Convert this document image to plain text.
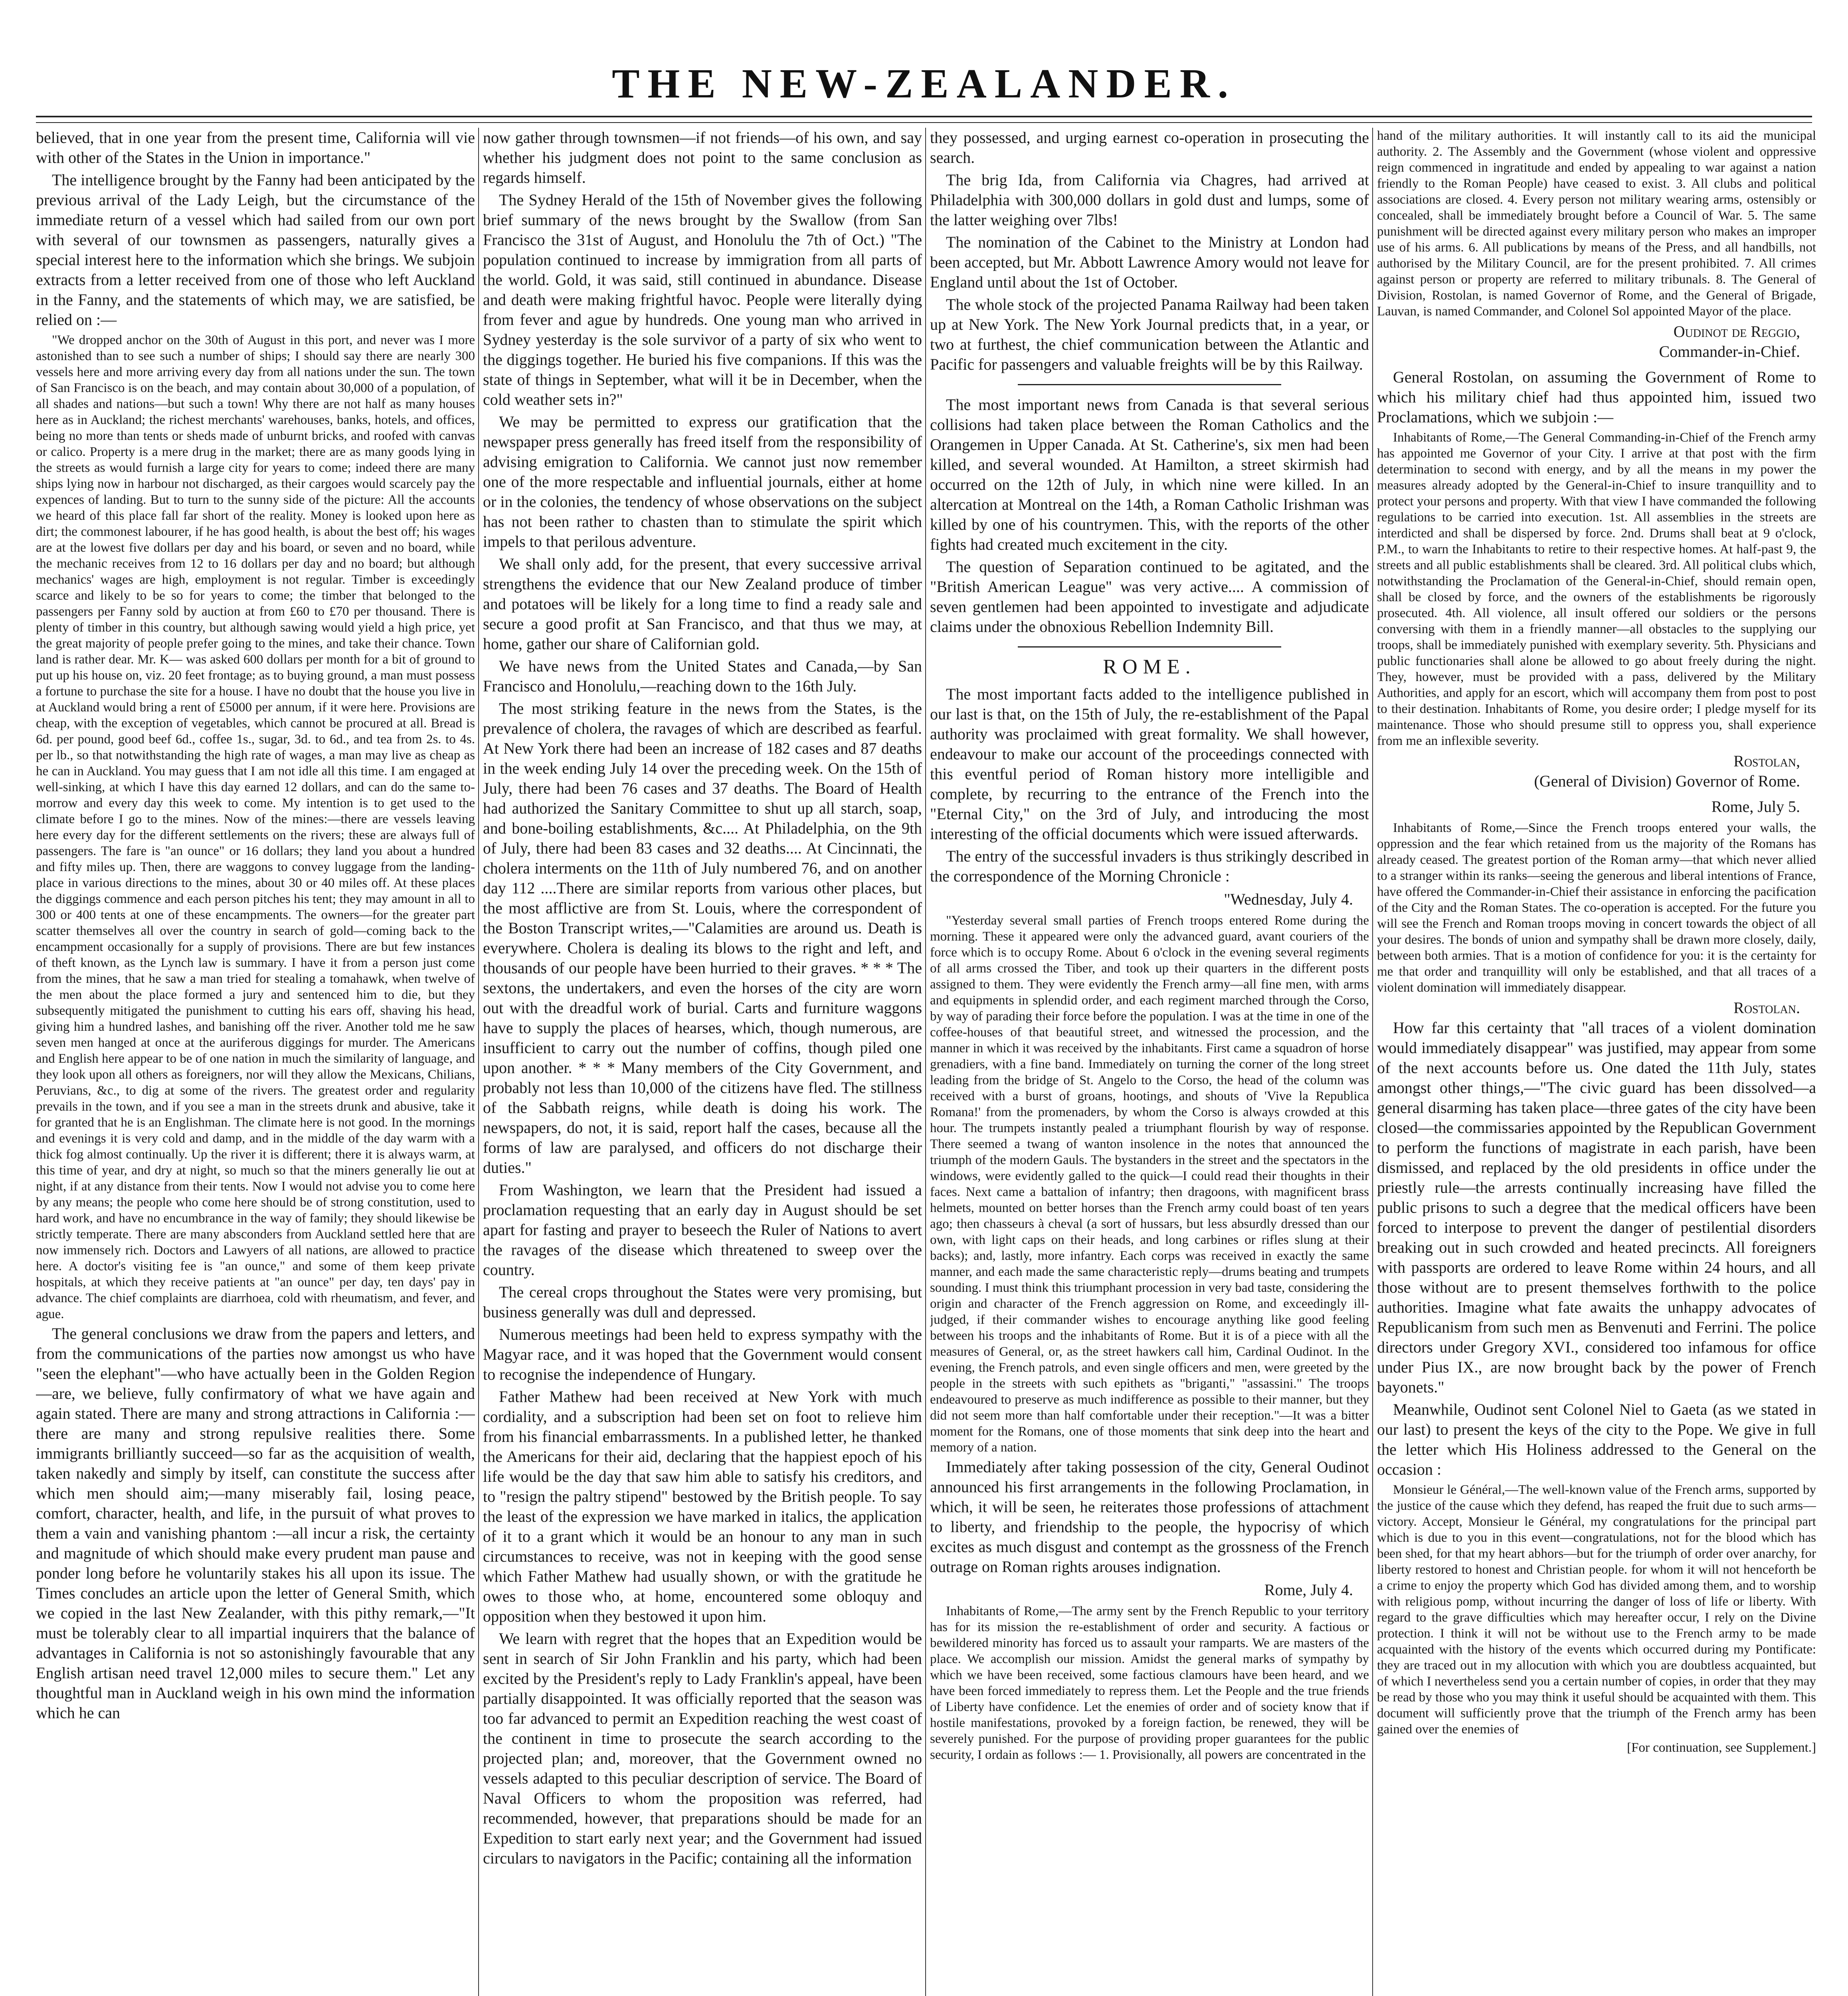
THE NEW-ZEALANDER.

believed, that in one year from the present time, California will vie with other of the States in the Union in importance."

The intelligence brought by the Fanny had been anticipated by the previous arrival of the Lady Leigh, but the circumstance of the immediate return of a vessel which had sailed from our own port with several of our townsmen as passengers, naturally gives a special interest here to the information which she brings. We subjoin extracts from a letter received from one of those who left Auckland in the Fanny, and the statements of which may, we are satisfied, be relied on :—

"We dropped anchor on the 30th of August in this port, and never was I more astonished than to see such a number of ships; I should say there are nearly 300 vessels here and more arriving every day from all nations under the sun. The town of San Francisco is on the beach, and may contain about 30,000 of a population, of all shades and nations—but such a town! Why there are not half as many houses here as in Auckland; the richest merchants' warehouses, banks, hotels, and offices, being no more than tents or sheds made of unburnt bricks, and roofed with canvas or calico. Property is a mere drug in the market; there are as many goods lying in the streets as would furnish a large city for years to come; indeed there are many ships lying now in harbour not discharged, as their cargoes would scarcely pay the expences of landing. But to turn to the sunny side of the picture: All the accounts we heard of this place fall far short of the reality. Money is looked upon here as dirt; the commonest labourer, if he has good health, is about the best off; his wages are at the lowest five dollars per day and his board, or seven and no board, while the mechanic receives from 12 to 16 dollars per day and no board; but although mechanics' wages are high, employment is not regular. Timber is exceedingly scarce and likely to be so for years to come; the timber that belonged to the passengers per Fanny sold by auction at from £60 to £70 per thousand. There is plenty of timber in this country, but although sawing would yield a high price, yet the great majority of people prefer going to the mines, and take their chance. Town land is rather dear. Mr. K— was asked 600 dollars per month for a bit of ground to put up his house on, viz. 20 feet frontage; as to buying ground, a man must possess a fortune to purchase the site for a house. I have no doubt that the house you live in at Auckland would bring a rent of £5000 per annum, if it were here. Provisions are cheap, with the exception of vegetables, which cannot be procured at all. Bread is 6d. per pound, good beef 6d., coffee 1s., sugar, 3d. to 6d., and tea from 2s. to 4s. per lb., so that notwithstanding the high rate of wages, a man may live as cheap as he can in Auckland. You may guess that I am not idle all this time. I am engaged at well-sinking, at which I have this day earned 12 dollars, and can do the same to-morrow and every day this week to come. My intention is to get used to the climate before I go to the mines. Now of the mines:—there are vessels leaving here every day for the different settlements on the rivers; these are always full of passengers. The fare is "an ounce" or 16 dollars; they land you about a hundred and fifty miles up. Then, there are waggons to convey luggage from the landing-place in various directions to the mines, about 30 or 40 miles off. At these places the diggings commence and each person pitches his tent; they may amount in all to 300 or 400 tents at one of these encampments. The owners—for the greater part scatter themselves all over the country in search of gold—coming back to the encampment occasionally for a supply of provisions. There are but few instances of theft known, as the Lynch law is summary. I have it from a person just come from the mines, that he saw a man tried for stealing a tomahawk, when twelve of the men about the place formed a jury and sentenced him to die, but they subsequently mitigated the punishment to cutting his ears off, shaving his head, giving him a hundred lashes, and banishing off the river. Another told me he saw seven men hanged at once at the auriferous diggings for murder. The Americans and English here appear to be of one nation in much the similarity of language, and they look upon all others as foreigners, nor will they allow the Mexicans, Chilians, Peruvians, &c., to dig at some of the rivers. The greatest order and regularity prevails in the town, and if you see a man in the streets drunk and abusive, take it for granted that he is an Englishman. The climate here is not good. In the mornings and evenings it is very cold and damp, and in the middle of the day warm with a thick fog almost continually. Up the river it is different; there it is always warm, at this time of year, and dry at night, so much so that the miners generally lie out at night, if at any distance from their tents. Now I would not advise you to come here by any means; the people who come here should be of strong constitution, used to hard work, and have no encumbrance in the way of family; they should likewise be strictly temperate. There are many absconders from Auckland settled here that are now immensely rich. Doctors and Lawyers of all nations, are allowed to practice here. A doctor's visiting fee is "an ounce," and some of them keep private hospitals, at which they receive patients at "an ounce" per day, ten days' pay in advance. The chief complaints are diarrhoea, cold with rheumatism, and fever, and ague.

The general conclusions we draw from the papers and letters, and from the communications of the parties now amongst us who have "seen the elephant"—who have actually been in the Golden Region—are, we believe, fully confirmatory of what we have again and again stated. There are many and strong attractions in California :—there are many and strong repulsive realities there. Some immigrants brilliantly succeed—so far as the acquisition of wealth, taken nakedly and simply by itself, can constitute the success after which men should aim;—many miserably fail, losing peace, comfort, character, health, and life, in the pursuit of what proves to them a vain and vanishing phantom :—all incur a risk, the certainty and magnitude of which should make every prudent man pause and ponder long before he voluntarily stakes his all upon its issue. The Times concludes an article upon the letter of General Smith, which we copied in the last New Zealander, with this pithy remark,—"It must be tolerably clear to all impartial inquirers that the balance of advantages in California is not so astonishingly favourable that any English artisan need travel 12,000 miles to secure them." Let any thoughtful man in Auckland weigh in his own mind the information which he can

now gather through townsmen—if not friends—of his own, and say whether his judgment does not point to the same conclusion as regards himself.

The Sydney Herald of the 15th of November gives the following brief summary of the news brought by the Swallow (from San Francisco the 31st of August, and Honolulu the 7th of Oct.) "The population continued to increase by immigration from all parts of the world. Gold, it was said, still continued in abundance. Disease and death were making frightful havoc. People were literally dying from fever and ague by hundreds. One young man who arrived in Sydney yesterday is the sole survivor of a party of six who went to the diggings together. He buried his five companions. If this was the state of things in September, what will it be in December, when the cold weather sets in?"

We may be permitted to express our gratification that the newspaper press generally has freed itself from the responsibility of advising emigration to California. We cannot just now remember one of the more respectable and influential journals, either at home or in the colonies, the tendency of whose observations on the subject has not been rather to chasten than to stimulate the spirit which impels to that perilous adventure.

We shall only add, for the present, that every successive arrival strengthens the evidence that our New Zealand produce of timber and potatoes will be likely for a long time to find a ready sale and secure a good profit at San Francisco, and that thus we may, at home, gather our share of Californian gold.

We have news from the United States and Canada,—by San Francisco and Honolulu,—reaching down to the 16th July.

The most striking feature in the news from the States, is the prevalence of cholera, the ravages of which are described as fearful. At New York there had been an increase of 182 cases and 87 deaths in the week ending July 14 over the preceding week. On the 15th of July, there had been 76 cases and 37 deaths. The Board of Health had authorized the Sanitary Committee to shut up all starch, soap, and bone-boiling establishments, &c.... At Philadelphia, on the 9th of July, there had been 83 cases and 32 deaths.... At Cincinnati, the cholera interments on the 11th of July numbered 76, and on another day 112 ....There are similar reports from various other places, but the most afflictive are from St. Louis, where the correspondent of the Boston Transcript writes,—"Calamities are around us. Death is everywhere. Cholera is dealing its blows to the right and left, and thousands of our people have been hurried to their graves. * * * The sextons, the undertakers, and even the horses of the city are worn out with the dreadful work of burial. Carts and furniture waggons have to supply the places of hearses, which, though numerous, are insufficient to carry out the number of coffins, though piled one upon another. * * * Many members of the City Government, and probably not less than 10,000 of the citizens have fled. The stillness of the Sabbath reigns, while death is doing his work. The newspapers, do not, it is said, report half the cases, because all the forms of law are paralysed, and officers do not discharge their duties."

From Washington, we learn that the President had issued a proclamation requesting that an early day in August should be set apart for fasting and prayer to beseech the Ruler of Nations to avert the ravages of the disease which threatened to sweep over the country.

The cereal crops throughout the States were very promising, but business generally was dull and depressed.

Numerous meetings had been held to express sympathy with the Magyar race, and it was hoped that the Government would consent to recognise the independence of Hungary.

Father Mathew had been received at New York with much cordiality, and a subscription had been set on foot to relieve him from his financial embarrassments. In a published letter, he thanked the Americans for their aid, declaring that the happiest epoch of his life would be the day that saw him able to satisfy his creditors, and to "resign the paltry stipend" bestowed by the British people. To say the least of the expression we have marked in italics, the application of it to a grant which it would be an honour to any man in such circumstances to receive, was not in keeping with the good sense which Father Mathew had usually shown, or with the gratitude he owes to those who, at home, encountered some obloquy and opposition when they bestowed it upon him.

We learn with regret that the hopes that an Expedition would be sent in search of Sir John Franklin and his party, which had been excited by the President's reply to Lady Franklin's appeal, have been partially disappointed. It was officially reported that the season was too far advanced to permit an Expedition reaching the west coast of the continent in time to prosecute the search according to the projected plan; and, moreover, that the Government owned no vessels adapted to this peculiar description of service. The Board of Naval Officers to whom the proposition was referred, had recommended, however, that preparations should be made for an Expedition to start early next year; and the Government had issued circulars to navigators in the Pacific; containing all the information

they possessed, and urging earnest co-operation in prosecuting the search.

The brig Ida, from California via Chagres, had arrived at Philadelphia with 300,000 dollars in gold dust and lumps, some of the latter weighing over 7lbs!

The nomination of the Cabinet to the Ministry at London had been accepted, but Mr. Abbott Lawrence Amory would not leave for England until about the 1st of October.

The whole stock of the projected Panama Railway had been taken up at New York. The New York Journal predicts that, in a year, or two at furthest, the chief communication between the Atlantic and Pacific for passengers and valuable freights will be by this Railway.

The most important news from Canada is that several serious collisions had taken place between the Roman Catholics and the Orangemen in Upper Canada. At St. Catherine's, six men had been killed, and several wounded. At Hamilton, a street skirmish had occurred on the 12th of July, in which nine were killed. In an altercation at Montreal on the 14th, a Roman Catholic Irishman was killed by one of his countrymen. This, with the reports of the other fights had created much excitement in the city.

The question of Separation continued to be agitated, and the "British American League" was very active.... A commission of seven gentlemen had been appointed to investigate and adjudicate claims under the obnoxious Rebellion Indemnity Bill.

ROME.

The most important facts added to the intelligence published in our last is that, on the 15th of July, the re-establishment of the Papal authority was proclaimed with great formality. We shall however, endeavour to make our account of the proceedings connected with this eventful period of Roman history more intelligible and complete, by recurring to the entrance of the French into the "Eternal City," on the 3rd of July, and introducing the most interesting of the official documents which were issued afterwards.

The entry of the successful invaders is thus strikingly described in the correspondence of the Morning Chronicle :

"Wednesday, July 4.

"Yesterday several small parties of French troops entered Rome during the morning. These it appeared were only the advanced guard, avant couriers of the force which is to occupy Rome. About 6 o'clock in the evening several regiments of all arms crossed the Tiber, and took up their quarters in the different posts assigned to them. They were evidently the French army—all fine men, with arms and equipments in splendid order, and each regiment marched through the Corso, by way of parading their force before the population. I was at the time in one of the coffee-houses of that beautiful street, and witnessed the procession, and the manner in which it was received by the inhabitants. First came a squadron of horse grenadiers, with a fine band. Immediately on turning the corner of the long street leading from the bridge of St. Angelo to the Corso, the head of the column was received with a burst of groans, hootings, and shouts of 'Vive la Republica Romana!' from the promenaders, by whom the Corso is always crowded at this hour. The trumpets instantly pealed a triumphant flourish by way of response. There seemed a twang of wanton insolence in the notes that announced the triumph of the modern Gauls. The bystanders in the street and the spectators in the windows, were evidently galled to the quick—I could read their thoughts in their faces. Next came a battalion of infantry; then dragoons, with magnificent brass helmets, mounted on better horses than the French army could boast of ten years ago; then chasseurs à cheval (a sort of hussars, but less absurdly dressed than our own, with light caps on their heads, and long carbines or rifles slung at their backs); and, lastly, more infantry. Each corps was received in exactly the same manner, and each made the same characteristic reply—drums beating and trumpets sounding. I must think this triumphant procession in very bad taste, considering the origin and character of the French aggression on Rome, and exceedingly ill-judged, if their commander wishes to encourage anything like good feeling between his troops and the inhabitants of Rome. But it is of a piece with all the measures of General, or, as the street hawkers call him, Cardinal Oudinot. In the evening, the French patrols, and even single officers and men, were greeted by the people in the streets with such epithets as "briganti," "assassini." The troops endeavoured to preserve as much indifference as possible to their manner, but they did not seem more than half comfortable under their reception."—It was a bitter moment for the Romans, one of those moments that sink deep into the heart and memory of a nation.

Immediately after taking possession of the city, General Oudinot announced his first arrangements in the following Proclamation, in which, it will be seen, he reiterates those professions of attachment to liberty, and friendship to the people, the hypocrisy of which excites as much disgust and contempt as the grossness of the French outrage on Roman rights arouses indignation.

Rome, July 4.

Inhabitants of Rome,—The army sent by the French Republic to your territory has for its mission the re-establishment of order and security. A factious or bewildered minority has forced us to assault your ramparts. We are masters of the place. We accomplish our mission. Amidst the general marks of sympathy by which we have been received, some factious clamours have been heard, and we have been forced immediately to repress them. Let the People and the true friends of Liberty have confidence. Let the enemies of order and of society know that if hostile manifestations, provoked by a foreign faction, be renewed, they will be severely punished. For the purpose of providing proper guarantees for the public security, I ordain as follows :— 1. Provisionally, all powers are concentrated in the

hand of the military authorities. It will instantly call to its aid the municipal authority. 2. The Assembly and the Government (whose violent and oppressive reign commenced in ingratitude and ended by appealing to war against a nation friendly to the Roman People) have ceased to exist. 3. All clubs and political associations are closed. 4. Every person not military wearing arms, ostensibly or concealed, shall be immediately brought before a Council of War. 5. The same punishment will be directed against every military person who makes an improper use of his arms. 6. All publications by means of the Press, and all handbills, not authorised by the Military Council, are for the present prohibited. 7. All crimes against person or property are referred to military tribunals. 8. The General of Division, Rostolan, is named Governor of Rome, and the General of Brigade, Lauvan, is named Commander, and Colonel Sol appointed Mayor of the place.

Oudinot de Reggio,
Commander-in-Chief.

General Rostolan, on assuming the Government of Rome to which his military chief had thus appointed him, issued two Proclamations, which we subjoin :—

Inhabitants of Rome,—The General Commanding-in-Chief of the French army has appointed me Governor of your City. I arrive at that post with the firm determination to second with energy, and by all the means in my power the measures already adopted by the General-in-Chief to insure tranquillity and to protect your persons and property. With that view I have commanded the following regulations to be carried into execution. 1st. All assemblies in the streets are interdicted and shall be dispersed by force. 2nd. Drums shall beat at 9 o'clock, P.M., to warn the Inhabitants to retire to their respective homes. At half-past 9, the streets and all public establishments shall be cleared. 3rd. All political clubs which, notwithstanding the Proclamation of the General-in-Chief, should remain open, shall be closed by force, and the owners of the establishments be rigorously prosecuted. 4th. All violence, all insult offered our soldiers or the persons conversing with them in a friendly manner—all obstacles to the supplying our troops, shall be immediately punished with exemplary severity. 5th. Physicians and public functionaries shall alone be allowed to go about freely during the night. They, however, must be provided with a pass, delivered by the Military Authorities, and apply for an escort, which will accompany them from post to post to their destination. Inhabitants of Rome, you desire order; I pledge myself for its maintenance. Those who should presume still to oppress you, shall experience from me an inflexible severity.

Rostolan,
(General of Division) Governor of Rome.
Rome, July 5.

Inhabitants of Rome,—Since the French troops entered your walls, the oppression and the fear which retained from us the majority of the Romans has already ceased. The greatest portion of the Roman army—that which never allied to a stranger within its ranks—seeing the generous and liberal intentions of France, have offered the Commander-in-Chief their assistance in enforcing the pacification of the City and the Roman States. The co-operation is accepted. For the future you will see the French and Roman troops moving in concert towards the object of all your desires. The bonds of union and sympathy shall be drawn more closely, daily, between both armies. That is a motion of confidence for you: it is the certainty for me that order and tranquillity will only be established, and that all traces of a violent domination will immediately disappear.

Rostolan.

How far this certainty that "all traces of a violent domination would immediately disappear" was justified, may appear from some of the next accounts before us. One dated the 11th July, states amongst other things,—"The civic guard has been dissolved—a general disarming has taken place—three gates of the city have been closed—the commissaries appointed by the Republican Government to perform the functions of magistrate in each parish, have been dismissed, and replaced by the old presidents in office under the priestly rule—the arrests continually increasing have filled the public prisons to such a degree that the medical officers have been forced to interpose to prevent the danger of pestilential disorders breaking out in such crowded and heated precincts. All foreigners with passports are ordered to leave Rome within 24 hours, and all those without are to present themselves forthwith to the police authorities. Imagine what fate awaits the unhappy advocates of Republicanism from such men as Benvenuti and Ferrini. The police directors under Gregory XVI., considered too infamous for office under Pius IX., are now brought back by the power of French bayonets."

Meanwhile, Oudinot sent Colonel Niel to Gaeta (as we stated in our last) to present the keys of the city to the Pope. We give in full the letter which His Holiness addressed to the General on the occasion :

Monsieur le Général,—The well-known value of the French arms, supported by the justice of the cause which they defend, has reaped the fruit due to such arms—victory. Accept, Monsieur le Général, my congratulations for the principal part which is due to you in this event—congratulations, not for the blood which has been shed, for that my heart abhors—but for the triumph of order over anarchy, for liberty restored to honest and Christian people. for whom it will not henceforth be a crime to enjoy the property which God has divided among them, and to worship with religious pomp, without incurring the danger of loss of life or liberty. With regard to the grave difficulties which may hereafter occur, I rely on the Divine protection. I think it will not be without use to the French army to be made acquainted with the history of the events which occurred during my Pontificate: they are traced out in my allocution with which you are doubtless acquainted, but of which I nevertheless send you a certain number of copies, in order that they may be read by those who you may think it useful should be acquainted with them. This document will sufficiently prove that the triumph of the French army has been gained over the enemies of

[For continuation, see Supplement.]
